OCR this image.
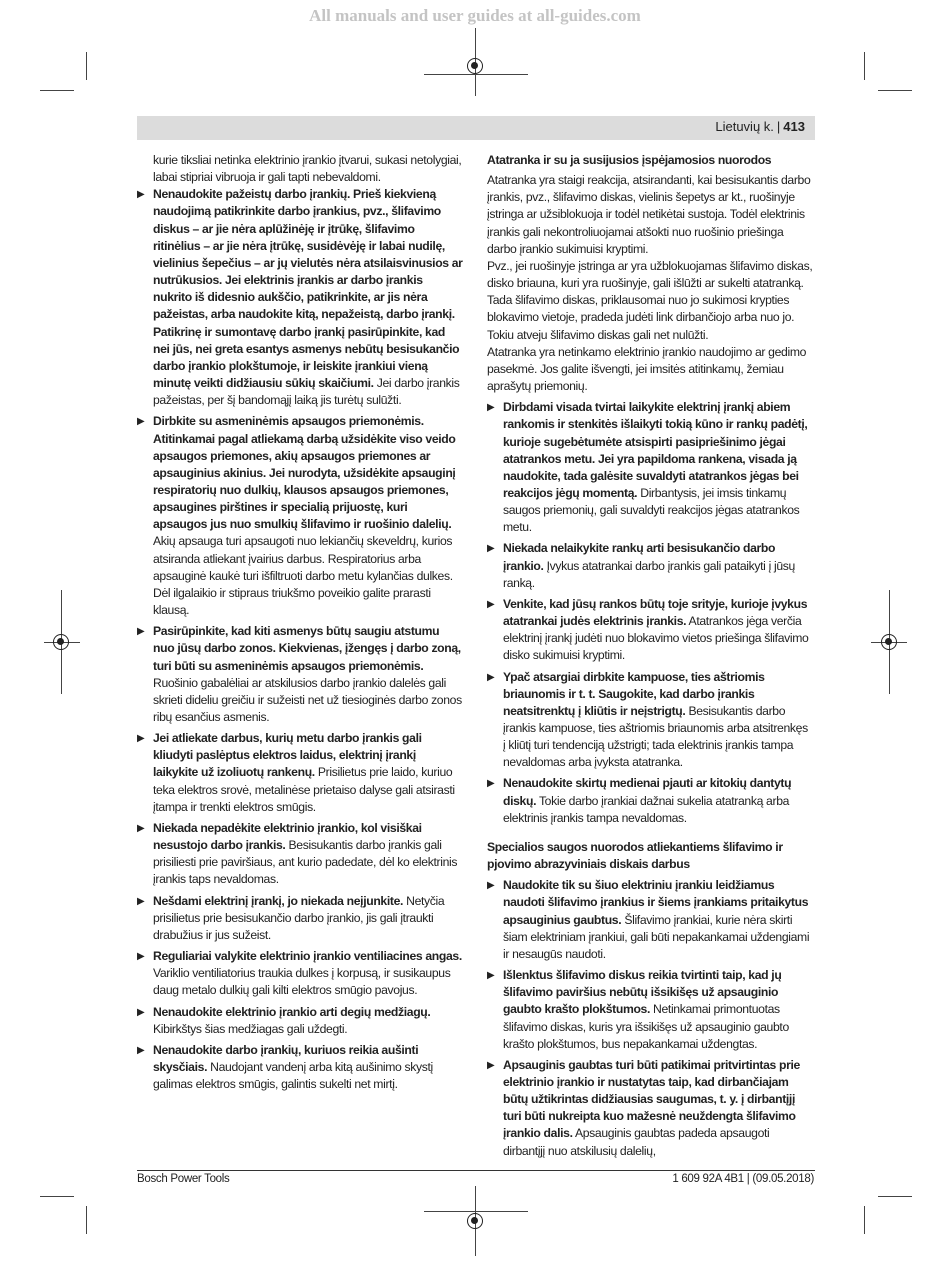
All manuals and user guides at all-guides.com
Lietuvių k. | 413

kurie tiksliai netinka elektrinio įrankio įtvarui, sukasi netolygiai, labai stipriai vibruoja ir gali tapti nebevaldomi.

▶ Nenaudokite pažeistų darbo įrankių. Prieš kiekvieną naudojimą patikrinkite darbo įrankius, pvz., šlifavimo diskus – ar jie nėra aplūžinėję ir įtrūkę, šlifavimo ritinėlius – ar jie nėra įtrūkę, susidėvėję ir labai nudilę, vielinius šepečius – ar jų vielutės nėra atsilaisvinusios ar nutrūkusios. Jei elektrinis įrankis ar darbo įrankis nukrito iš didesnio aukščio, patikrinkite, ar jis nėra pažeistas, arba naudokite kitą, nepažeistą, darbo įrankį. Patikrinę ir sumontavę darbo įrankį pasirūpinkite, kad nei jūs, nei greta esantys asmenys nebūtų besisukančio darbo įrankio plokštumoje, ir leiskite įrankiui vieną minutę veikti didžiausiu sūkių skaičiumi. Jei darbo įrankis pažeistas, per šį bandomąjį laiką jis turėtų sulūžti.
▶ Dirbkite su asmeninėmis apsaugos priemonėmis. Atitinkamai pagal atliekamą darbą užsidėkite viso veido apsaugos priemones, akių apsaugos priemones ar apsauginius akinius. Jei nurodyta, užsidėkite apsauginį respiratorių nuo dulkių, klausos apsaugos priemones, apsaugines pirštines ir specialią prijuostę, kuri apsaugos jus nuo smulkių šlifavimo ir ruošinio dalelių. Akių apsauga turi apsaugoti nuo lekiančių skeveldrų, kurios atsiranda atliekant įvairius darbus. Respiratorius arba apsauginė kaukė turi išfiltruoti darbo metu kylančias dulkes. Dėl ilgalaikio ir stipraus triukšmo poveikio galite prarasti klausą.
▶ Pasirūpinkite, kad kiti asmenys būtų saugiu atstumu nuo jūsų darbo zonos. Kiekvienas, įžengęs į darbo zoną, turi būti su asmeninėmis apsaugos priemonėmis. Ruošinio gabalėliai ar atskilusios darbo įrankio dalelės gali skrieti dideliu greičiu ir sužeisti net už tiesioginės darbo zonos ribų esančius asmenis.
▶ Jei atliekate darbus, kurių metu darbo įrankis gali kliudyti paslėptus elektros laidus, elektrinį įrankį laikykite už izoliuotų rankenų. Prisilietus prie laido, kuriuo teka elektros srovė, metalinėse prietaiso dalyse gali atsirasti įtampa ir trenkti elektros smūgis.
▶ Niekada nepadėkite elektrinio įrankio, kol visiškai nesustojo darbo įrankis. Besisukantis darbo įrankis gali prisiliesti prie paviršiaus, ant kurio padedate, dėl ko elektrinis įrankis taps nevaldomas.
▶ Nešdami elektrinį įrankį, jo niekada neįjunkite. Netyčia prisilietus prie besisukančio darbo įrankio, jis gali įtraukti drabužius ir jus sužeist.
▶ Reguliariai valykite elektrinio įrankio ventiliacines angas. Variklio ventiliatorius traukia dulkes į korpusą, ir susikaupus daug metalo dulkių gali kilti elektros smūgio pavojus.
▶ Nenaudokite elektrinio įrankio arti degių medžiagų. Kibirkštys šias medžiagas gali uždegti.
▶ Nenaudokite darbo įrankių, kuriuos reikia aušinti skysčiais. Naudojant vandenį arba kitą aušinimo skystį galimas elektros smūgis, galintis sukelti net mirtį.

Atatranka ir su ja susijusios įspėjamosios nuorodos

Atatranka yra staigi reakcija, atsirandanti, kai besisukantis darbo įrankis, pvz., šlifavimo diskas, vielinis šepetys ar kt., ruošinyje įstringa ar užsiblokuoja ir todėl netikėtai sustoja. Todėl elektrinis įrankis gali nekontroliuojamai atšokti nuo ruošinio priešinga darbo įrankio sukimuisi kryptimi.

Pvz., jei ruošinyje įstringa ar yra užblokuojamas šlifavimo diskas, disko briauna, kuri yra ruošinyje, gali išlūžti ar sukelti atatranką. Tada šlifavimo diskas, priklausomai nuo jo sukimosi krypties blokavimo vietoje, pradeda judėti link dirbančiojo arba nuo jo. Tokiu atveju šlifavimo diskas gali net nulūžti.

Atatranka yra netinkamo elektrinio įrankio naudojimo ar gedimo pasekmė. Jos galite išvengti, jei imsitės atitinkamų, žemiau aprašytų priemonių.

▶ Dirbdami visada tvirtai laikykite elektrinį įrankį abiem rankomis ir stenkitės išlaikyti tokią kūno ir rankų padėtį, kurioje sugebėtumėte atsispirti pasipriešinimo jėgai atatrankos metu. Jei yra papildoma rankena, visada ją naudokite, tada galėsite suvaldyti atatrankos jėgas bei reakcijos jėgų momentą. Dirbantysis, jei imsis tinkamų saugos priemonių, gali suvaldyti reakcijos jėgas atatrankos metu.
▶ Niekada nelaikykite rankų arti besisukančio darbo įrankio. Įvykus atatrankai darbo įrankis gali pataikyti į jūsų ranką.
▶ Venkite, kad jūsų rankos būtų toje srityje, kurioje įvykus atatrankai judės elektrinis įrankis. Atatrankos jėga verčia elektrinį įrankį judėti nuo blokavimo vietos priešinga šlifavimo disko sukimuisi kryptimi.
▶ Ypač atsargiai dirbkite kampuose, ties aštriomis briaunomis ir t. t. Saugokite, kad darbo įrankis neatsitrenktų į kliūtis ir neįstrigtų. Besisukantis darbo įrankis kampuose, ties aštriomis briaunomis arba atsitrenkęs į kliūtį turi tendenciją užstrigti; tada elektrinis įrankis tampa nevaldomas arba įvyksta atatranka.
▶ Nenaudokite skirtų medienai pjauti ar kitokių dantytų diskų. Tokie darbo įrankiai dažnai sukelia atatranką arba elektrinis įrankis tampa nevaldomas.

Specialios saugos nuorodos atliekantiems šlifavimo ir pjovimo abrazyviniais diskais darbus

▶ Naudokite tik su šiuo elektriniu įrankiu leidžiamus naudoti šlifavimo įrankius ir šiems įrankiams pritaikytus apsauginius gaubtus. Šlifavimo įrankiai, kurie nėra skirti šiam elektriniam įrankiui, gali būti nepakankamai uždengiami ir nesaugūs naudoti.
▶ Išlenktus šlifavimo diskus reikia tvirtinti taip, kad jų šlifavimo paviršius nebūtų išsikišęs už apsauginio gaubto krašto plokštumos. Netinkamai primontuotas šlifavimo diskas, kuris yra išsikišęs už apsauginio gaubto krašto plokštumos, bus nepakankamai uždengtas.
▶ Apsauginis gaubtas turi būti patikimai pritvirtintas prie elektrinio įrankio ir nustatytas taip, kad dirbančiajam būtų užtikrintas didžiausias saugumas, t. y. į dirbantįjį turi būti nukreipta kuo mažesnė neuždengta šlifavimo įrankio dalis. Apsauginis gaubtas padeda apsaugoti dirbantįjį nuo atskilusių dalelių,
Bosch Power Tools	1 609 92A 4B1 | (09.05.2018)
